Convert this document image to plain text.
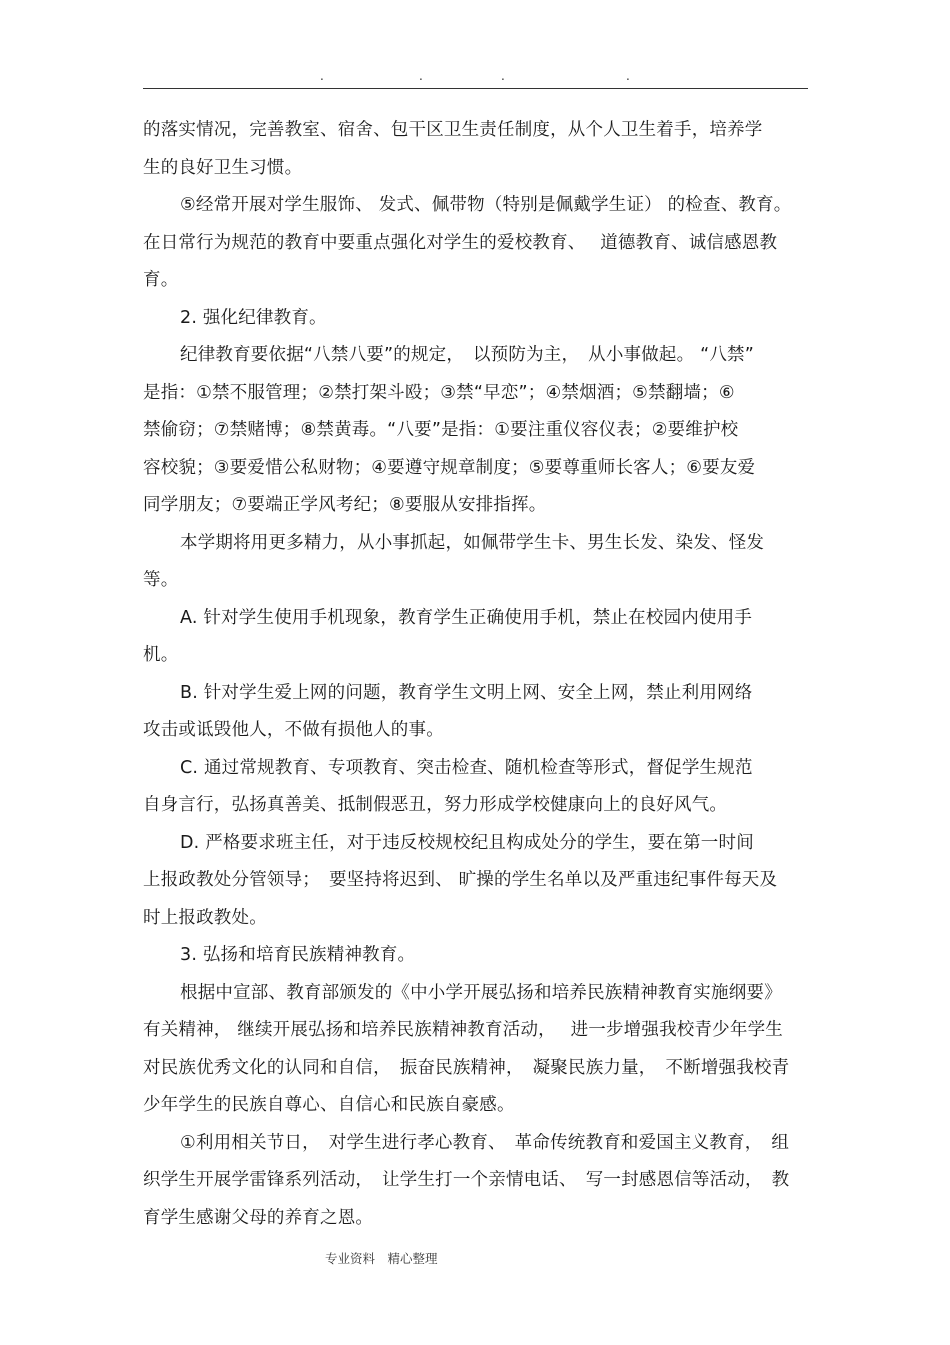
.	.	.	.

的落实情况，完善教室、宿舍、包干区卫生责任制度，从个人卫生着手，培养学
生的良好卫生习惯。

⑤经常开展对学生服饰、 发式、佩带物（特别是佩戴学生证） 的检查、教育。
在日常行为规范的教育中要重点强化对学生的爱校教育、　 道德教育、诚信感恩教
育。

2. 强化纪律教育。

纪律教育要依据“八禁八要”的规定，　以预防为主，　从小事做起。 “八禁”
是指：①禁不服管理；②禁打架斗殴；③禁“早恋”；④禁烟酒；⑤禁翻墙；⑥
禁偷窃；⑦禁赌博；⑧禁黄毒。“八要”是指：①要注重仪容仪表；②要维护校
容校貌；③要爱惜公私财物；④要遵守规章制度；⑤要尊重师长客人；⑥要友爱
同学朋友；⑦要端正学风考纪；⑧要服从安排指挥。

本学期将用更多精力，从小事抓起，如佩带学生卡、男生长发、染发、怪发
等。

A. 针对学生使用手机现象，教育学生正确使用手机，禁止在校园内使用手
机。

B. 针对学生爱上网的问题，教育学生文明上网、安全上网，禁止利用网络
攻击或诋毁他人，不做有损他人的事。

C. 通过常规教育、专项教育、突击检查、随机检查等形式，督促学生规范
自身言行，弘扬真善美、抵制假恶丑，努力形成学校健康向上的良好风气。

D. 严格要求班主任，对于违反校规校纪且构成处分的学生，要在第一时间
上报政教处分管领导；　要坚持将迟到、 旷操的学生名单以及严重违纪事件每天及
时上报政教处。

3. 弘扬和培育民族精神教育。

根据中宣部、教育部颁发的《中小学开展弘扬和培养民族精神教育实施纲要》
有关精神， 继续开展弘扬和培养民族精神教育活动，　 进一步增强我校青少年学生
对民族优秀文化的认同和自信，　振奋民族精神，　凝聚民族力量，　不断增强我校青
少年学生的民族自尊心、自信心和民族自豪感。

①利用相关节日，　对学生进行孝心教育、　革命传统教育和爱国主义教育，　组
织学生开展学雷锋系列活动，　让学生打一个亲情电话、　写一封感恩信等活动，　教
育学生感谢父母的养育之恩。

专业资料　精心整理
